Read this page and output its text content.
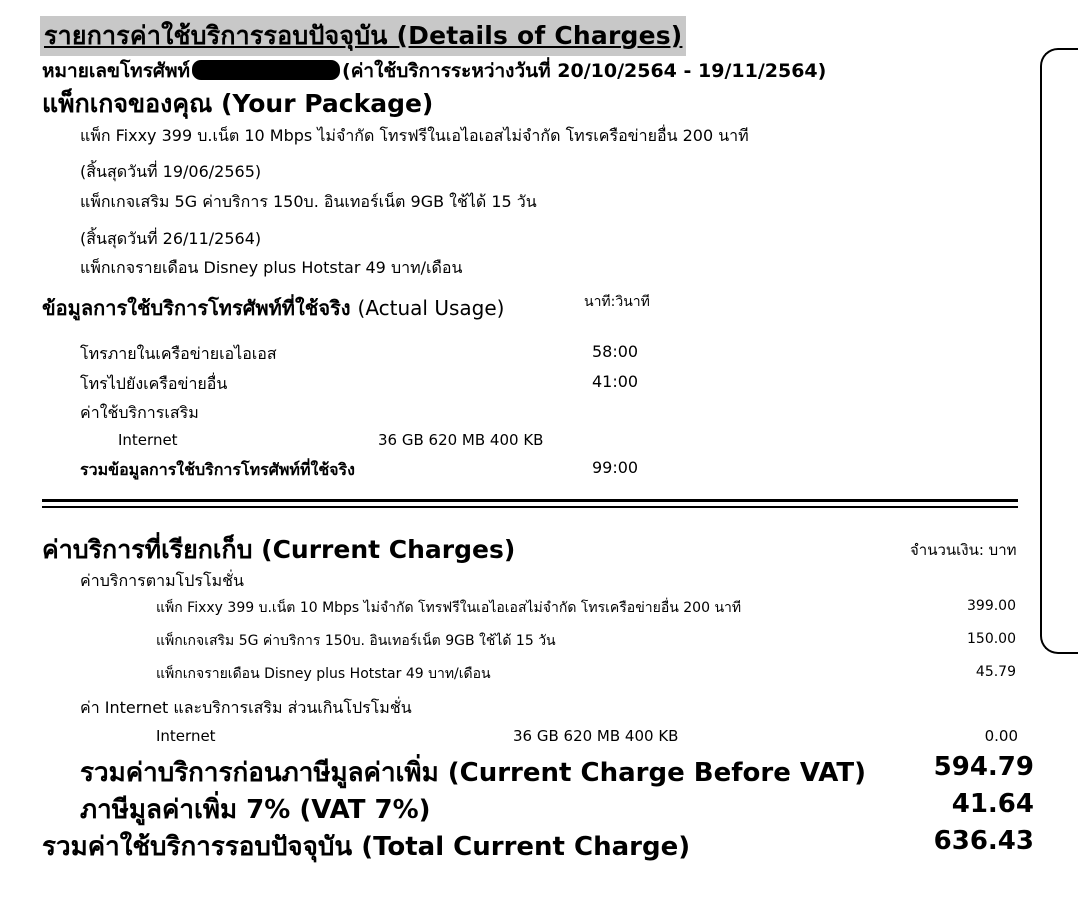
รายการค่าใช้บริการรอบปัจจุบัน (Details of Charges)
หมายเลขโทรศัพท์	(ค่าใช้บริการระหว่างวันที่ 20/10/2564 - 19/11/2564)
แพ็กเกจของคุณ (Your Package)
แพ็ก Fixxy 399 บ.เน็ต 10 Mbps ไม่จำกัด โทรฟรีในเอไอเอสไม่จำกัด โทรเครือข่ายอื่น 200 นาที
(สิ้นสุดวันที่ 19/06/2565)
แพ็กเกจเสริม 5G ค่าบริการ 150บ. อินเทอร์เน็ต 9GB ใช้ได้ 15 วัน
(สิ้นสุดวันที่ 26/11/2564)
แพ็กเกจรายเดือน Disney plus Hotstar 49 บาท/เดือน
ข้อมูลการใช้บริการโทรศัพท์ที่ใช้จริง (Actual Usage)	นาที:วินาที
โทรภายในเครือข่ายเอไอเอส	58:00
โทรไปยังเครือข่ายอื่น	41:00
ค่าใช้บริการเสริม
Internet	36 GB 620 MB 400 KB
รวมข้อมูลการใช้บริการโทรศัพท์ที่ใช้จริง	99:00
ค่าบริการที่เรียกเก็บ (Current Charges)	จำนวนเงิน: บาท
ค่าบริการตามโปรโมชั่น
แพ็ก Fixxy 399 บ.เน็ต 10 Mbps ไม่จำกัด โทรฟรีในเอไอเอสไม่จำกัด โทรเครือข่ายอื่น 200 นาที	399.00
แพ็กเกจเสริม 5G ค่าบริการ 150บ. อินเทอร์เน็ต 9GB ใช้ได้ 15 วัน	150.00
แพ็กเกจรายเดือน Disney plus Hotstar 49 บาท/เดือน	45.79
ค่า Internet และบริการเสริม ส่วนเกินโปรโมชั่น
Internet	36 GB 620 MB 400 KB	0.00
รวมค่าบริการก่อนภาษีมูลค่าเพิ่ม (Current Charge Before VAT)	594.79
ภาษีมูลค่าเพิ่ม 7% (VAT 7%)	41.64
รวมค่าใช้บริการรอบปัจจุบัน (Total Current Charge)	636.43
